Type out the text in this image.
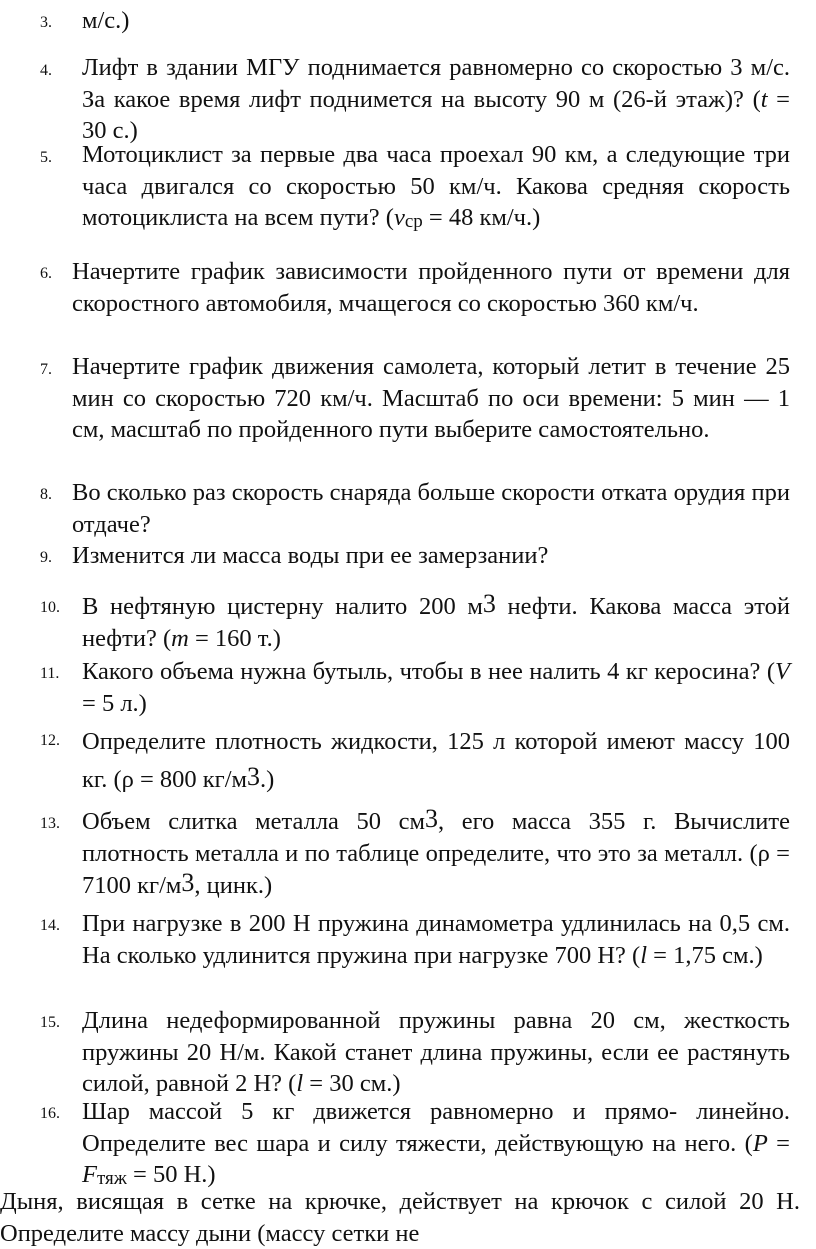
3. м/с.)
4. Лифт в здании МГУ поднимается равномерно со скоростью 3 м/с. За какое время лифт поднимется на высоту 90 м (26-й этаж)? (t = 30 с.)
5. Мотоциклист за первые два часа проехал 90 км, а следующие три часа двигался со скоростью 50 км/ч. Какова средняя скорость мотоциклиста на всем пути? ($v_{ср} = 48$ км/ч.)
6. Начертите график зависимости пройденного пути от времени для скоростного автомобиля, мчащегося со скоростью 360 км/ч.
7. Начертите график движения самолета, который летит в течение 25 мин со скоростью 720 км/ч. Масштаб по оси времени: 5 мин — 1 см, масштаб по пройденного пути выберите самостоятельно.
8. Во сколько раз скорость снаряда больше скорости отката орудия при отдаче?
9. Изменится ли масса воды при ее замерзании?
10. В нефтяную цистерну налито 200 $м^3$ нефти. Какова масса этой нефти? (m = 160 т.)
11. Какого объема нужна бутыль, чтобы в нее налить 4 кг керосина? (V = 5 л.)
12. Определите плотность жидкости, 125 л которой имеют массу 100 кг. (ρ = 800 $кг/м^3$.)
13. Объем слитка металла 50 $см^3$, его масса 355 г. Вычислите плотность металла и по таблице определите, что это за металл. (ρ = 7100 $кг/м^3$, цинк.)
14. При нагрузке в 200 Н пружина динамометра удлинилась на 0,5 см. На сколько удлинится пружина при нагрузке 700 Н? (l = 1,75 см.)
15. Длина недеформированной пружины равна 20 см, жесткость пружины 20 Н/м. Какой станет длина пружины, если ее растянуть силой, равной 2 Н? (l = 30 см.)
16. Шар массой 5 кг движется равномерно и прямо- линейно. Определите вес шара и силу тяжести, действующую на него. ($P = F_{тяж} = 50$ Н.)
Дыня, висящая в сетке на крючке, действует на крючок с силой 20 Н. Определите массу дыни (массу сетки не
